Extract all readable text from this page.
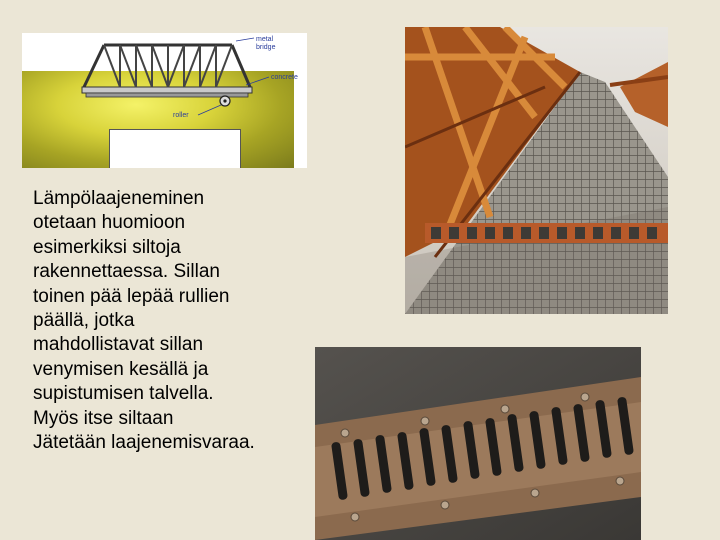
metal
bridge
concrete
roller
Lämpölaajeneminen
otetaan huomioon
esimerkiksi siltoja
rakennettaessa. Sillan
toinen pää lepää rullien
päällä, jotka
mahdollistavat sillan
venymisen kesällä ja
supistumisen talvella.
Myös itse siltaan
Jätetään laajenemisvaraa.
